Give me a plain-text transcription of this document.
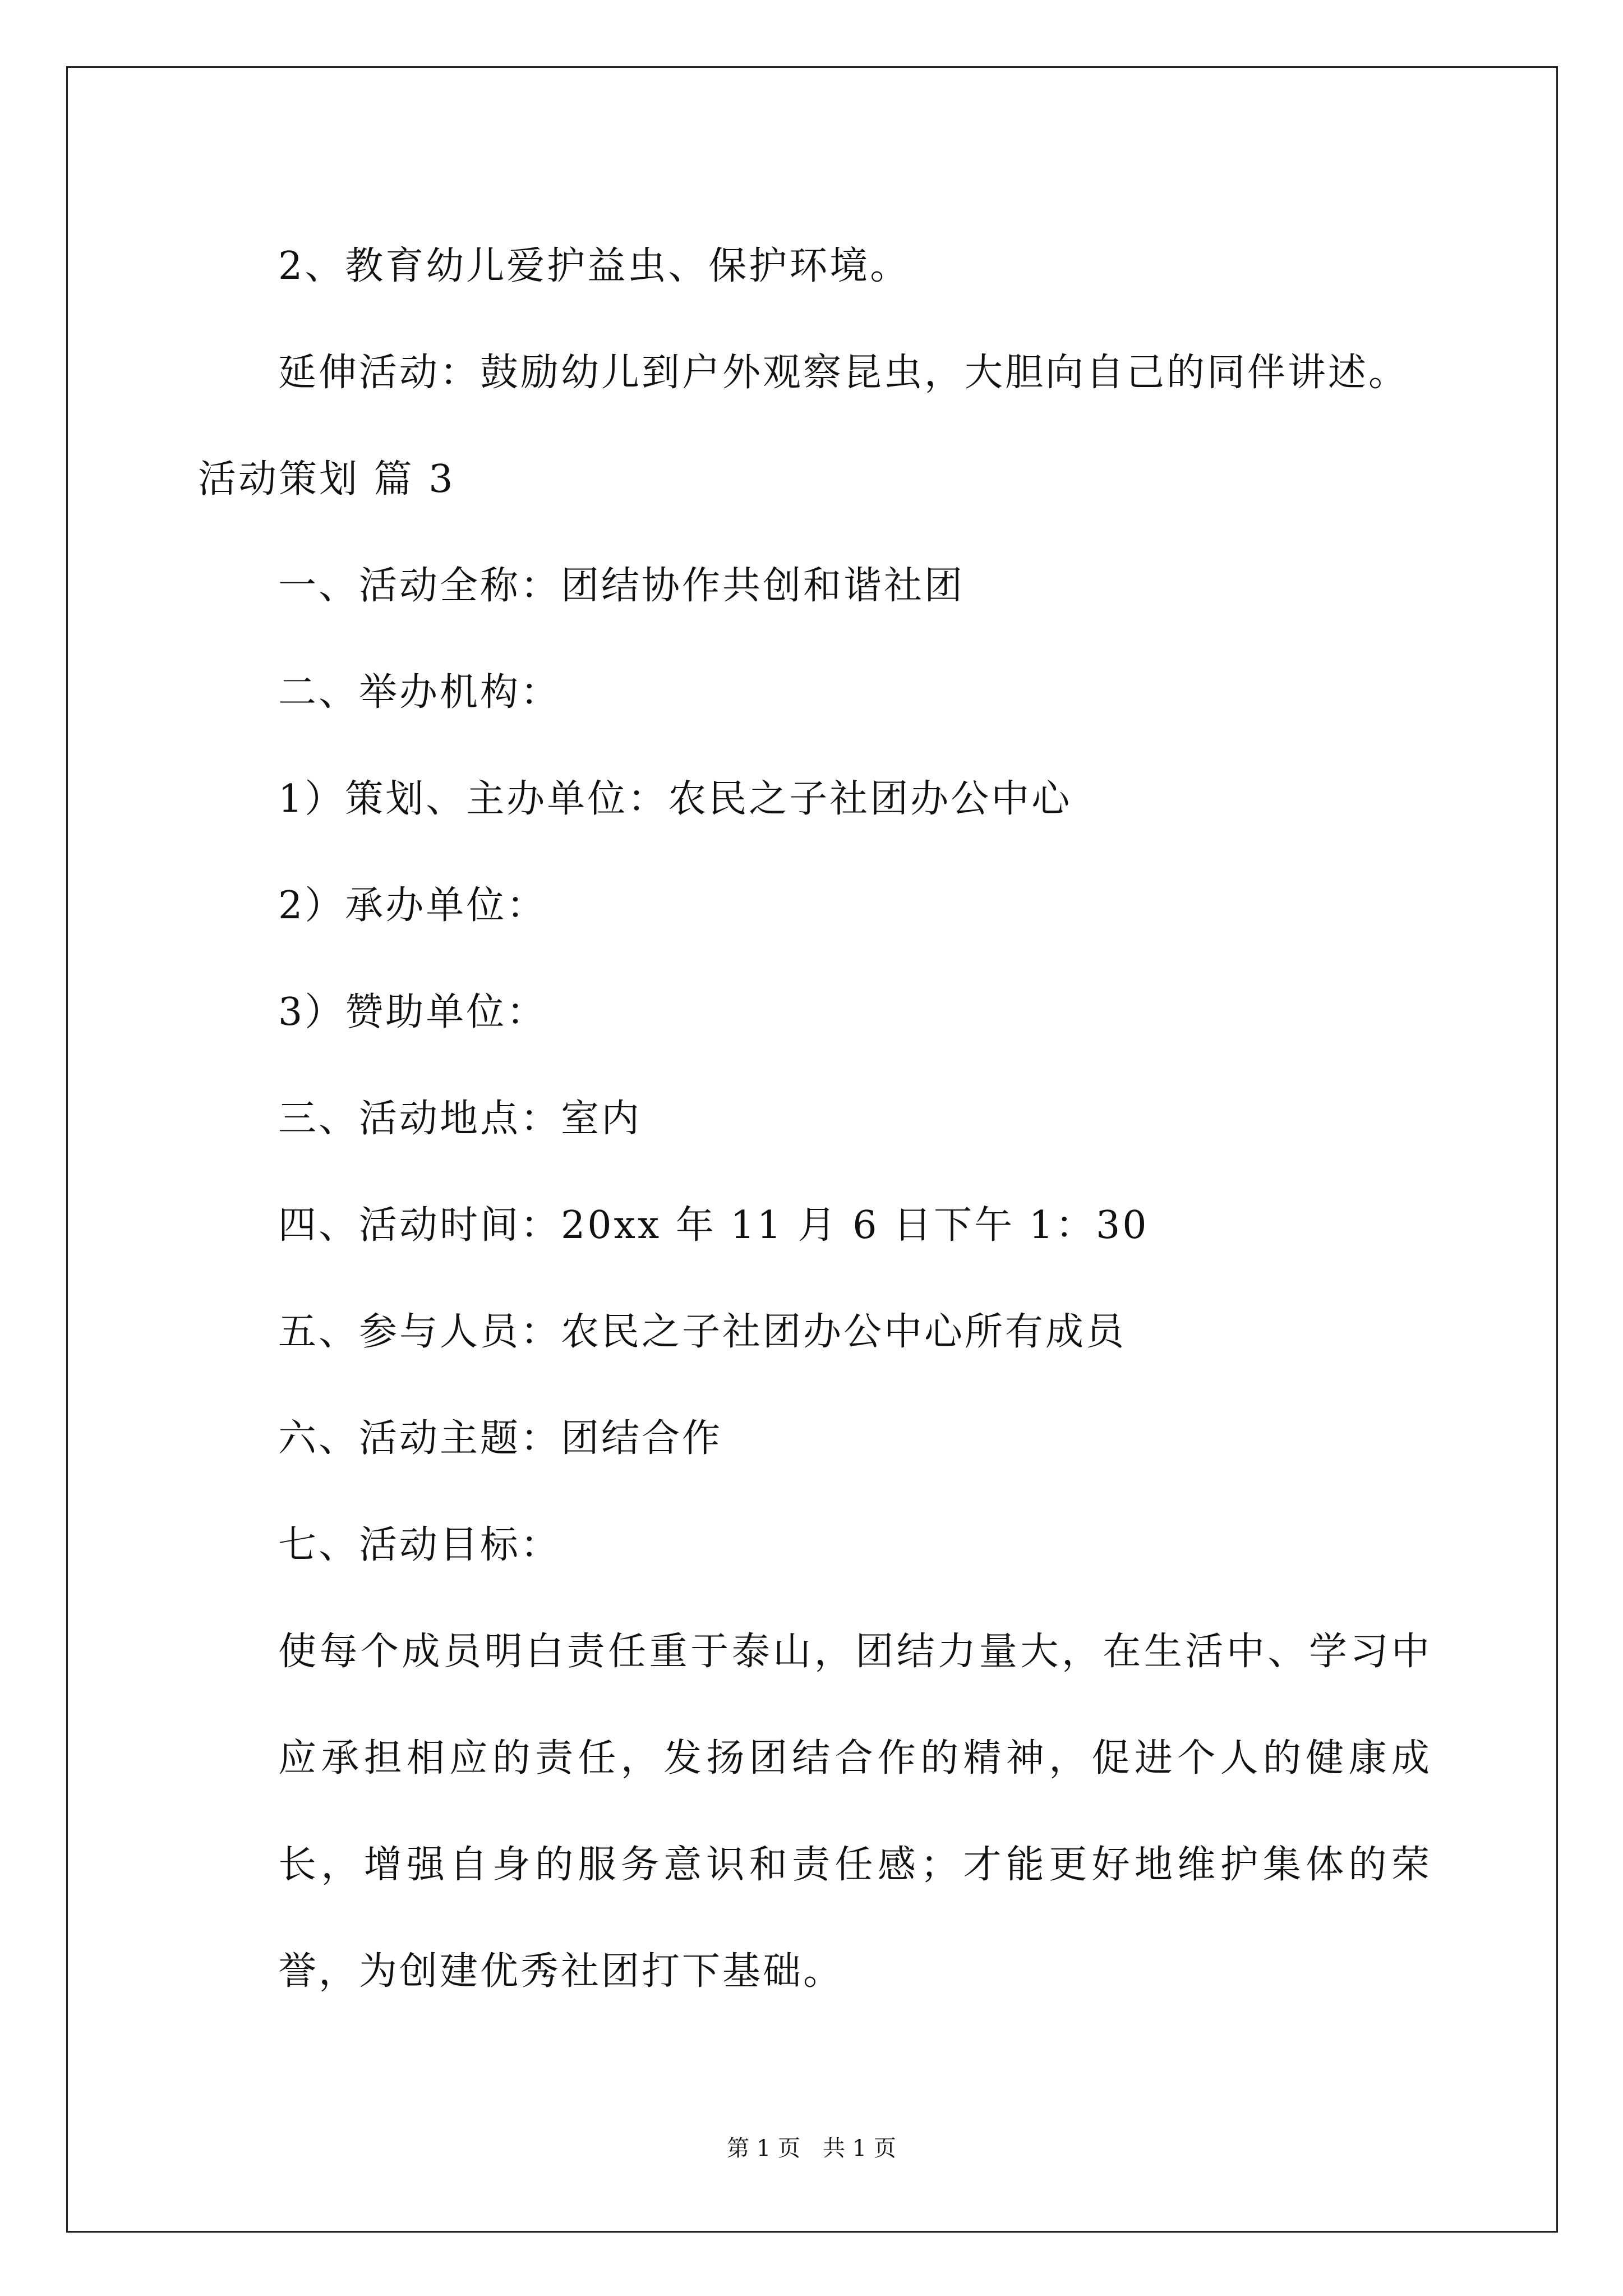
2、教育幼儿爱护益虫、保护环境。

延伸活动：鼓励幼儿到户外观察昆虫，大胆向自己的同伴讲述。

活动策划 篇 3

一、活动全称：团结协作共创和谐社团

二、举办机构：

1）策划、主办单位：农民之子社团办公中心

2）承办单位：

3）赞助单位：

三、活动地点：室内

四、活动时间：20xx 年 11 月 6 日下午 1：30

五、参与人员：农民之子社团办公中心所有成员

六、活动主题：团结合作

七、活动目标：

使每个成员明白责任重于泰山，团结力量大，在生活中、学习中应承担相应的责任，发扬团结合作的精神，促进个人的健康成长，增强自身的服务意识和责任感；才能更好地维护集体的荣誉，为创建优秀社团打下基础。

第 1 页　共 1 页
